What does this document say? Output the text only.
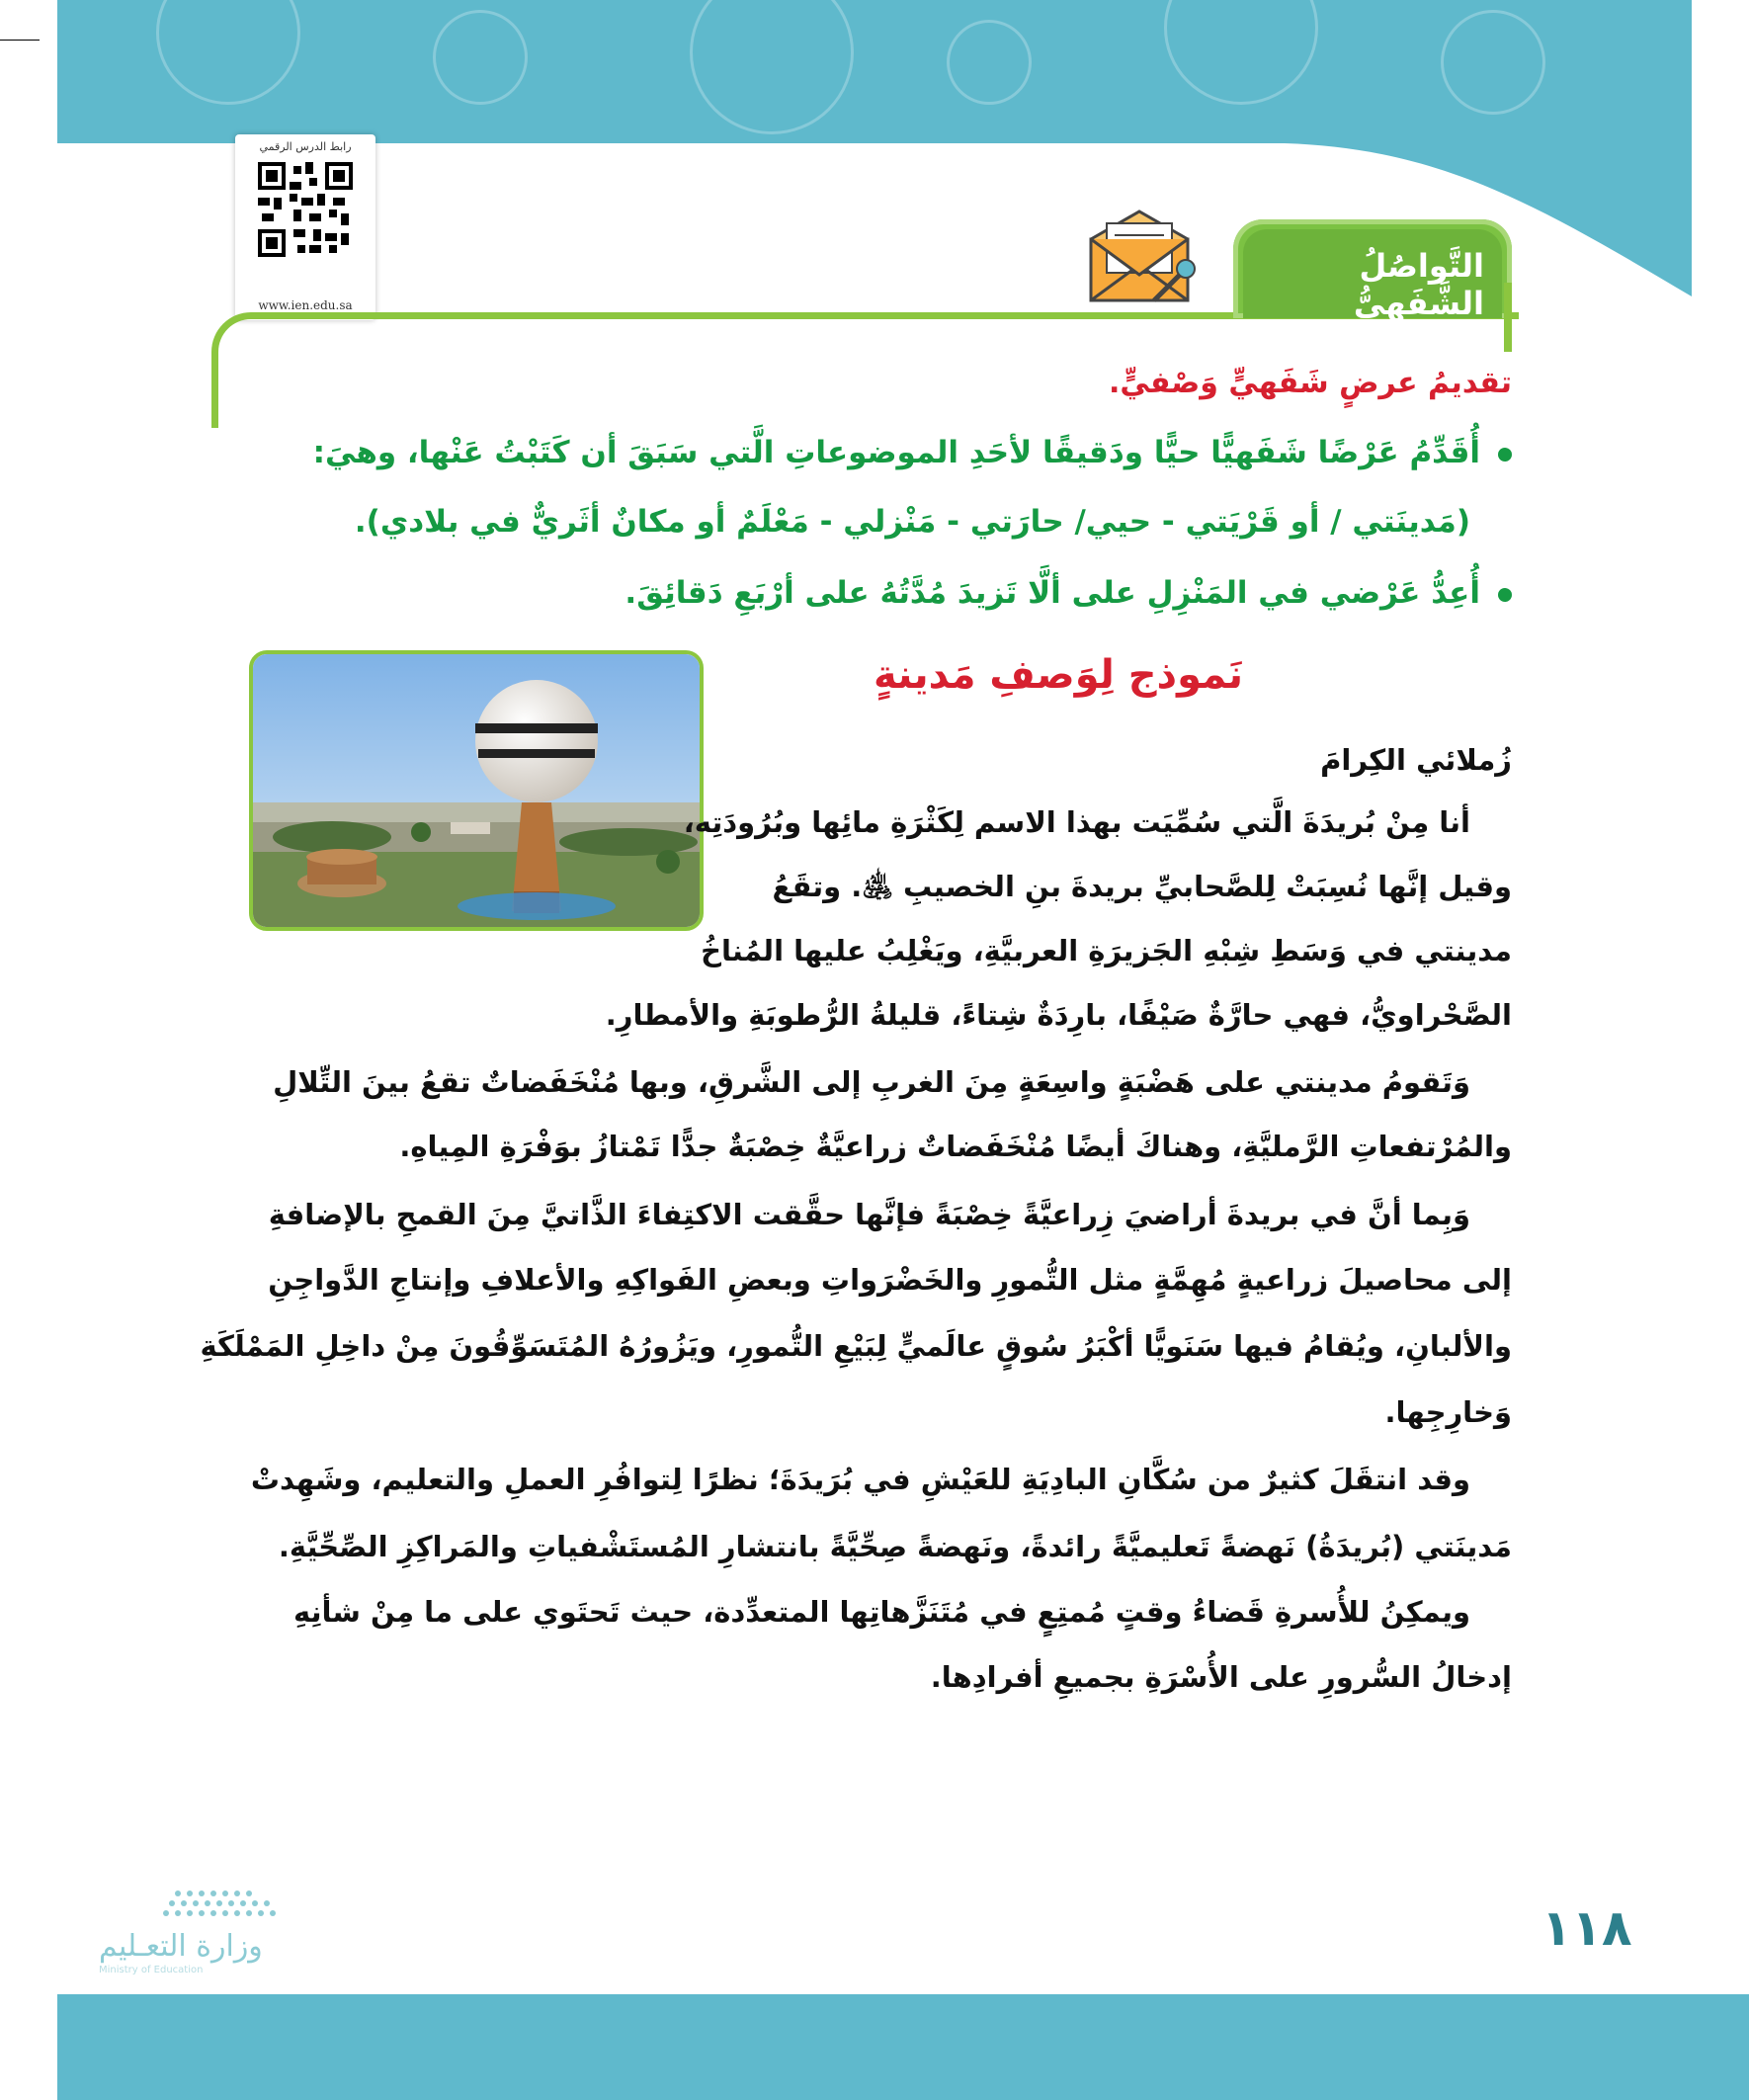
رابط الدرس الرقمي
www.ien.edu.sa
التَّواصُلُ الشَّفَهيُّ
تقديمُ عرضٍ شَفَهيٍّ وَصْفيٍّ.
أُقَدِّمُ عَرْضًا شَفَهيًّا حيًّا ودَقيقًا لأحَدِ الموضوعاتِ الَّتي سَبَقَ أن كَتَبْتُ عَنْها، وهيَ:
(مَدينَتي / أو قَرْيَتي - حيي/ حارَتي - مَنْزلي - مَعْلَمٌ أو مكانٌ أثَريٌّ في بلادي).
أُعِدُّ عَرْضي في المَنْزِلِ على ألَّا تَزيدَ مُدَّتُهُ على أرْبَعِ دَقائِقَ.
نَموذج لِوَصفِ مَدينةٍ
زُملائي الكِرامَ
أنا مِنْ بُريدَةَ الَّتي سُمِّيَت بهذا الاسم لِكَثْرَةِ مائِها وبُرُودَتِه،
وقيل إنَّها نُسِبَتْ لِلصَّحابيِّ بريدةَ بنِ الخصيبِ ﵁. وتقَعُ
مدينتي في وَسَطِ شِبْهِ الجَزيرَةِ العربيَّةِ، ويَغْلِبُ عليها المُناخُ
الصَّحْراويُّ، فهي حارَّةٌ صَيْفًا، بارِدَةٌ شِتاءً، قليلةُ الرُّطوبَةِ والأمطارِ.
وَتَقومُ مدينتي على هَضْبَةٍ واسِعَةٍ مِنَ الغربِ إلى الشَّرقِ، وبها مُنْخَفَضاتٌ تقعُ بينَ التِّلالِ
والمُرْتفعاتِ الرَّمليَّةِ، وهناكَ أيضًا مُنْخَفَضاتٌ زراعيَّةٌ خِصْبَةٌ جدًّا تَمْتازُ بوَفْرَةِ المِياهِ.
وَبِما أنَّ في بريدةَ أراضيَ زِراعيَّةً خِصْبَةً فإنَّها حقَّقت الاكتِفاءَ الذَّاتيَّ مِنَ القمحِ بالإضافةِ
إلى محاصيلَ زراعيةٍ مُهِمَّةٍ مثل التُّمورِ والخَضْرَواتِ وبعضِ الفَواكِهِ والأعلافِ وإنتاجِ الدَّواجِنِ
والألبانِ، ويُقامُ فيها سَنَويًّا أكْبَرُ سُوقٍ عالَميٍّ لِبَيْعِ التُّمورِ، ويَزُورُهُ المُتَسَوِّقُونَ مِنْ داخِلِ المَمْلَكَةِ
وَخارِجِها.
وقد انتقَلَ كثيرٌ من سُكَّانِ البادِيَةِ للعَيْشِ في بُرَيدَةَ؛ نظرًا لِتوافُرِ العملِ والتعليم، وشَهِدتْ
مَدينَتي (بُريدَةُ) نَهضةً تَعليميَّةً رائدةً، ونَهضةً صِحِّيَّةً بانتشارِ المُستَشْفياتِ والمَراكِزِ الصِّحِّيَّةِ.
ويمكِنُ للأُسرةِ قَضاءُ وقتٍ مُمتِعٍ في مُتَنَزَّهاتِها المتعدِّدة، حيث تَحتَوي على ما مِنْ شأنِهِ
إدخالُ السُّرورِ على الأُسْرَةِ بجميعِ أفرادِها.
وزارة التعـليم
Ministry of Education
١١٨
